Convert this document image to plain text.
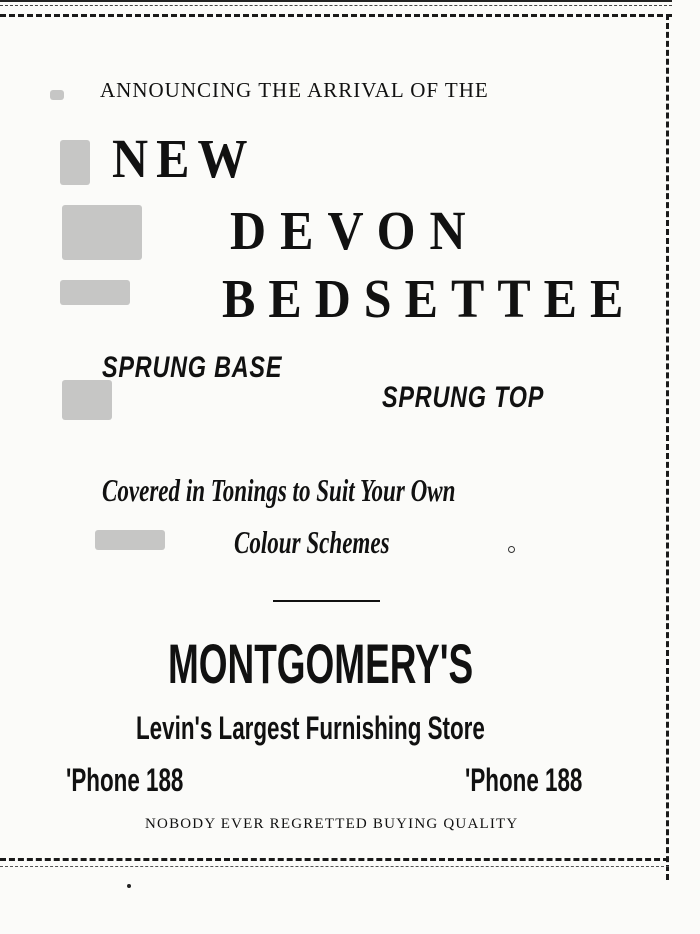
ANNOUNCING THE ARRIVAL OF THE
NEW
DEVON
BEDSETTEE
SPRUNG BASE
SPRUNG TOP
Covered in Tonings to Suit Your Own
Colour Schemes
MONTGOMERY'S
Levin's Largest Furnishing Store
'Phone 188	'Phone 188
NOBODY EVER REGRETTED BUYING QUALITY
